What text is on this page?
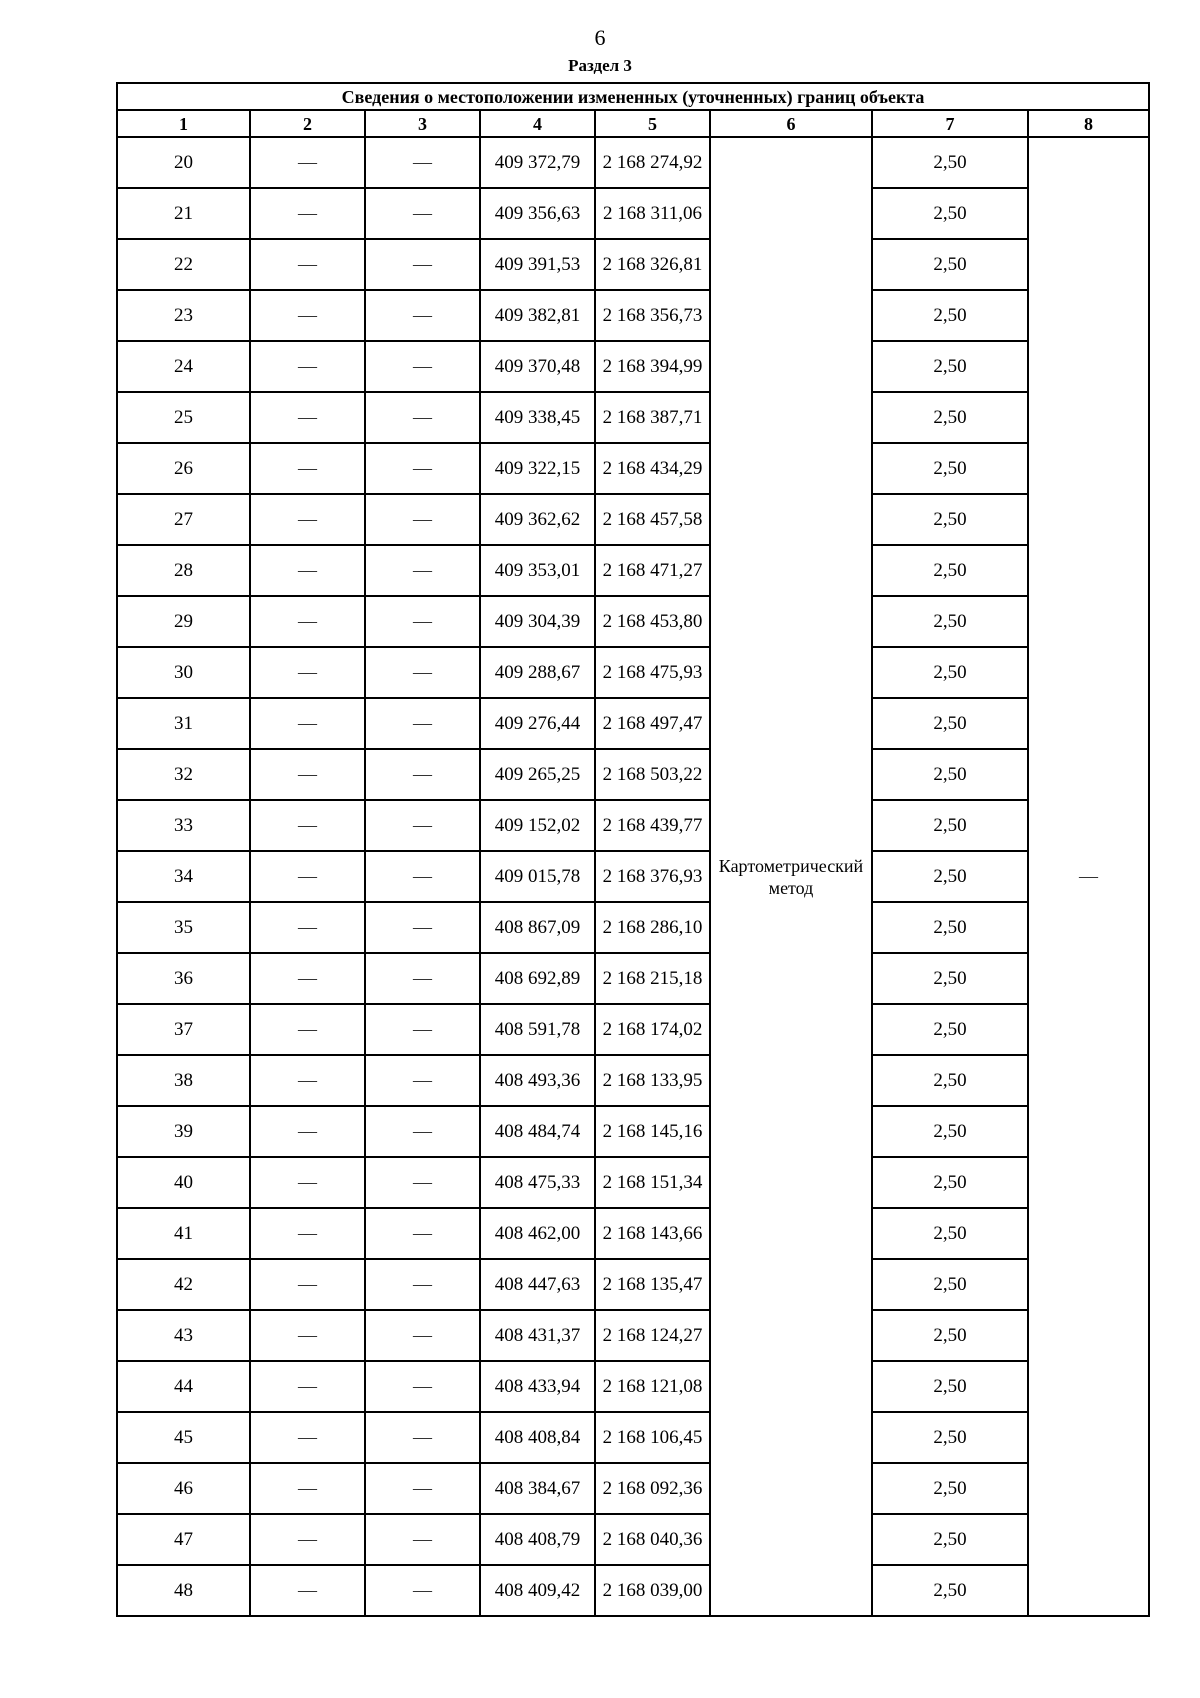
6
Раздел 3
Сведения о местоположении измененных (уточненных) границ объекта							
1	2	3	4	5	6	7	8
20	—	—	409 372,79	2 168 274,92	Картометрический метод	2,50	—
21	—	—	409 356,63	2 168 311,06		2,50	
22	—	—	409 391,53	2 168 326,81		2,50	
23	—	—	409 382,81	2 168 356,73		2,50	
24	—	—	409 370,48	2 168 394,99		2,50	
25	—	—	409 338,45	2 168 387,71		2,50	
26	—	—	409 322,15	2 168 434,29		2,50	
27	—	—	409 362,62	2 168 457,58		2,50	
28	—	—	409 353,01	2 168 471,27		2,50	
29	—	—	409 304,39	2 168 453,80		2,50	
30	—	—	409 288,67	2 168 475,93		2,50	
31	—	—	409 276,44	2 168 497,47		2,50	
32	—	—	409 265,25	2 168 503,22		2,50	
33	—	—	409 152,02	2 168 439,77		2,50	
34	—	—	409 015,78	2 168 376,93		2,50	
35	—	—	408 867,09	2 168 286,10		2,50	
36	—	—	408 692,89	2 168 215,18		2,50	
37	—	—	408 591,78	2 168 174,02		2,50	
38	—	—	408 493,36	2 168 133,95		2,50	
39	—	—	408 484,74	2 168 145,16		2,50	
40	—	—	408 475,33	2 168 151,34		2,50	
41	—	—	408 462,00	2 168 143,66		2,50	
42	—	—	408 447,63	2 168 135,47		2,50	
43	—	—	408 431,37	2 168 124,27		2,50	
44	—	—	408 433,94	2 168 121,08		2,50	
45	—	—	408 408,84	2 168 106,45		2,50	
46	—	—	408 384,67	2 168 092,36		2,50	
47	—	—	408 408,79	2 168 040,36		2,50	
48	—	—	408 409,42	2 168 039,00		2,50	
